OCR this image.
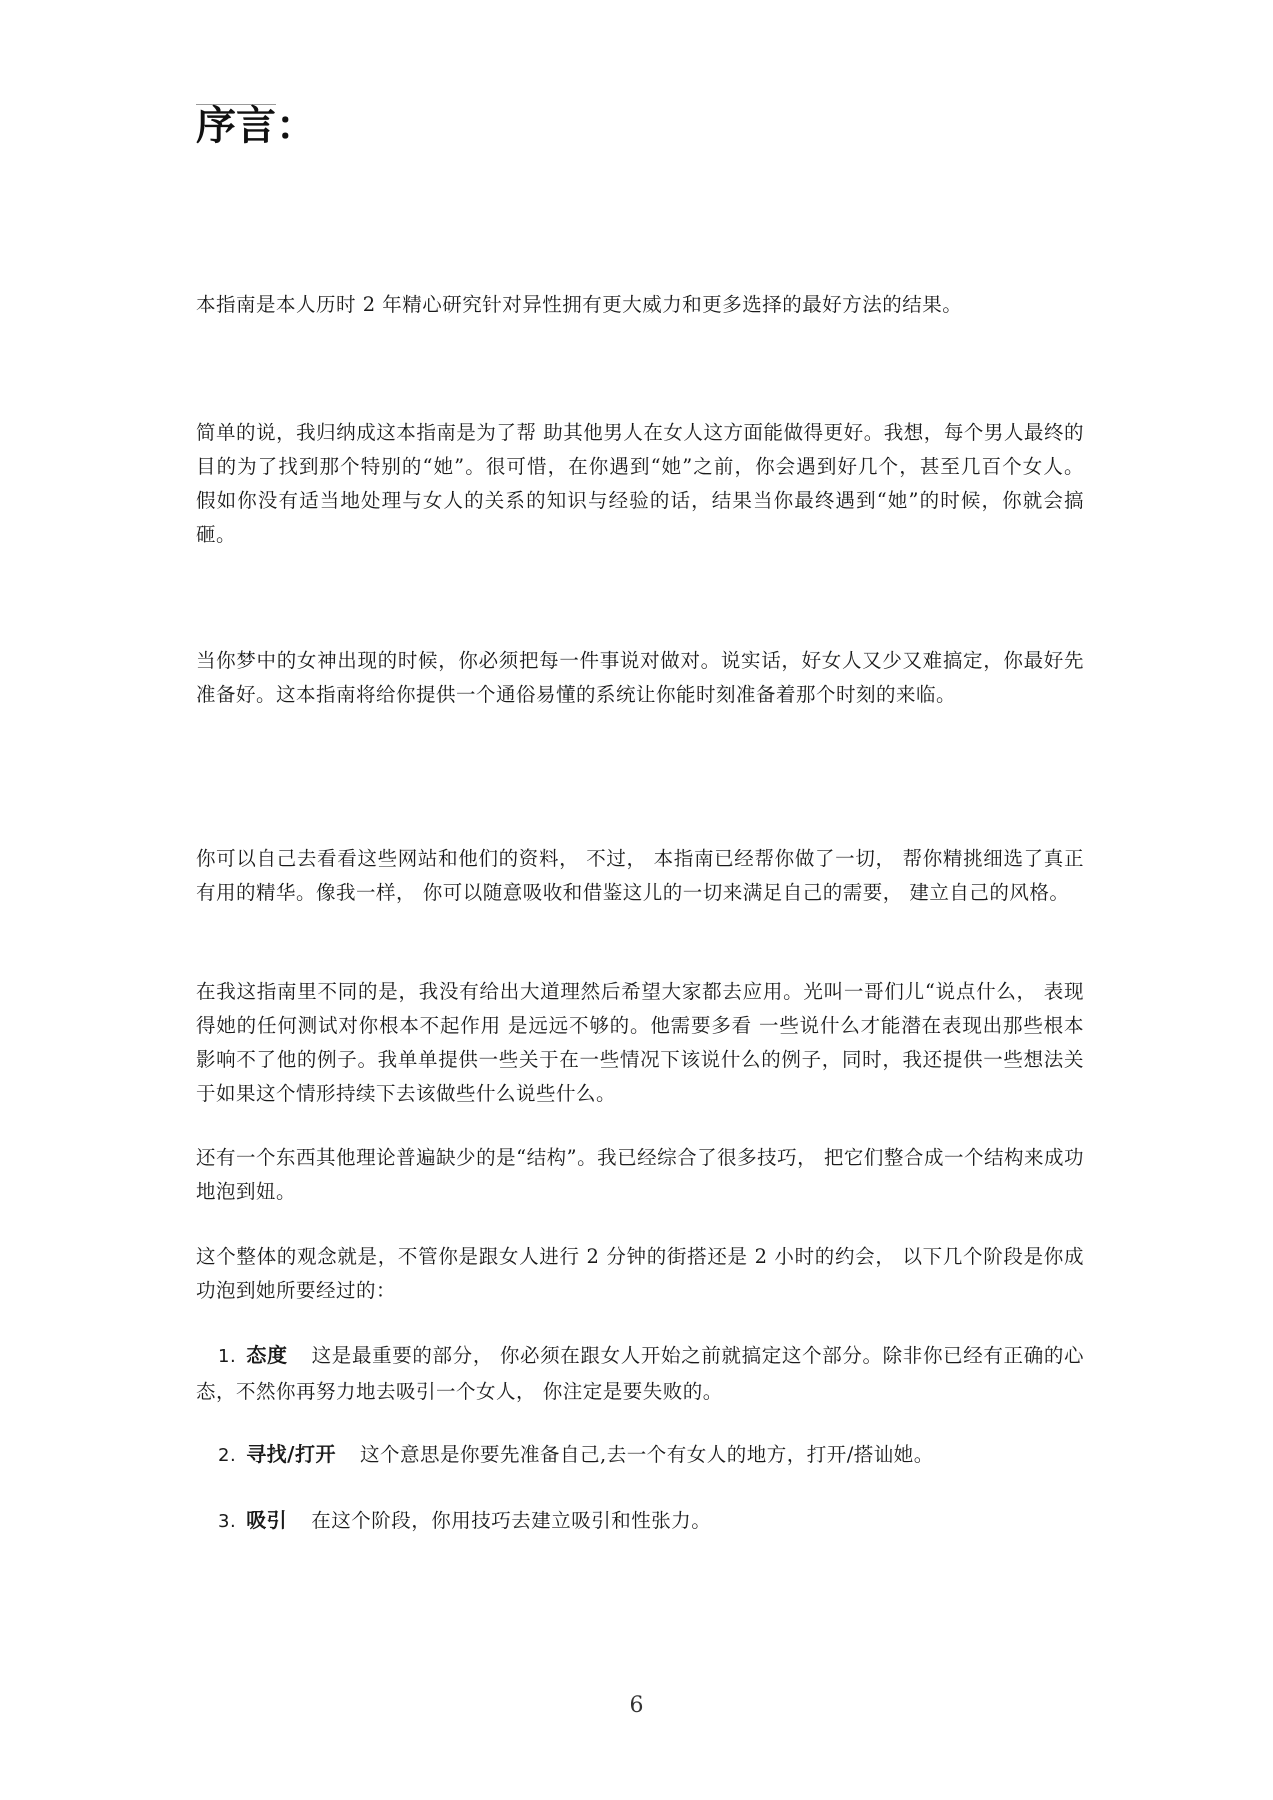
序言：

本指南是本人历时 2 年精心研究针对异性拥有更大威力和更多选择的最好方法的结果。

简单的说，我归纳成这本指南是为了帮 助其他男人在女人这方面能做得更好。我想，每个男人最终的目的为了找到那个特别的“她”。很可惜，在你遇到“她”之前，你会遇到好几个，甚至几百个女人。 假如你没有适当地处理与女人的关系的知识与经验的话，结果当你最终遇到“她”的时候，你就会搞砸。

当你梦中的女神出现的时候，你必须把每一件事说对做对。说实话，好女人又少又难搞定，你最好先准备好。这本指南将给你提供一个通俗易懂的系统让你能时刻准备着那个时刻的来临。

你可以自己去看看这些网站和他们的资料， 不过， 本指南已经帮你做了一切， 帮你精挑细选了真正有用的精华。像我一样， 你可以随意吸收和借鉴这儿的一切来满足自己的需要， 建立自己的风格。

在我这指南里不同的是，我没有给出大道理然后希望大家都去应用。光叫一哥们儿“说点什么， 表现得她的任何测试对你根本不起作用 是远远不够的。他需要多看 一些说什么才能潜在表现出那些根本影响不了他的例子。我单单提供一些关于在一些情况下该说什么的例子，同时，我还提供一些想法关于如果这个情形持续下去该做些什么说些什么。

还有一个东西其他理论普遍缺少的是“结构”。我已经综合了很多技巧， 把它们整合成一个结构来成功地泡到妞。

这个整体的观念就是，不管你是跟女人进行 2 分钟的街搭还是 2 小时的约会， 以下几个阶段是你成功泡到她所要经过的：

1. 态度 这是最重要的部分， 你必须在跟女人开始之前就搞定这个部分。除非你已经有正确的心态，不然你再努力地去吸引一个女人， 你注定是要失败的。

2. 寻找/打开 这个意思是你要先准备自己,去一个有女人的地方，打开/搭讪她。

3. 吸引 在这个阶段，你用技巧去建立吸引和性张力。

6
